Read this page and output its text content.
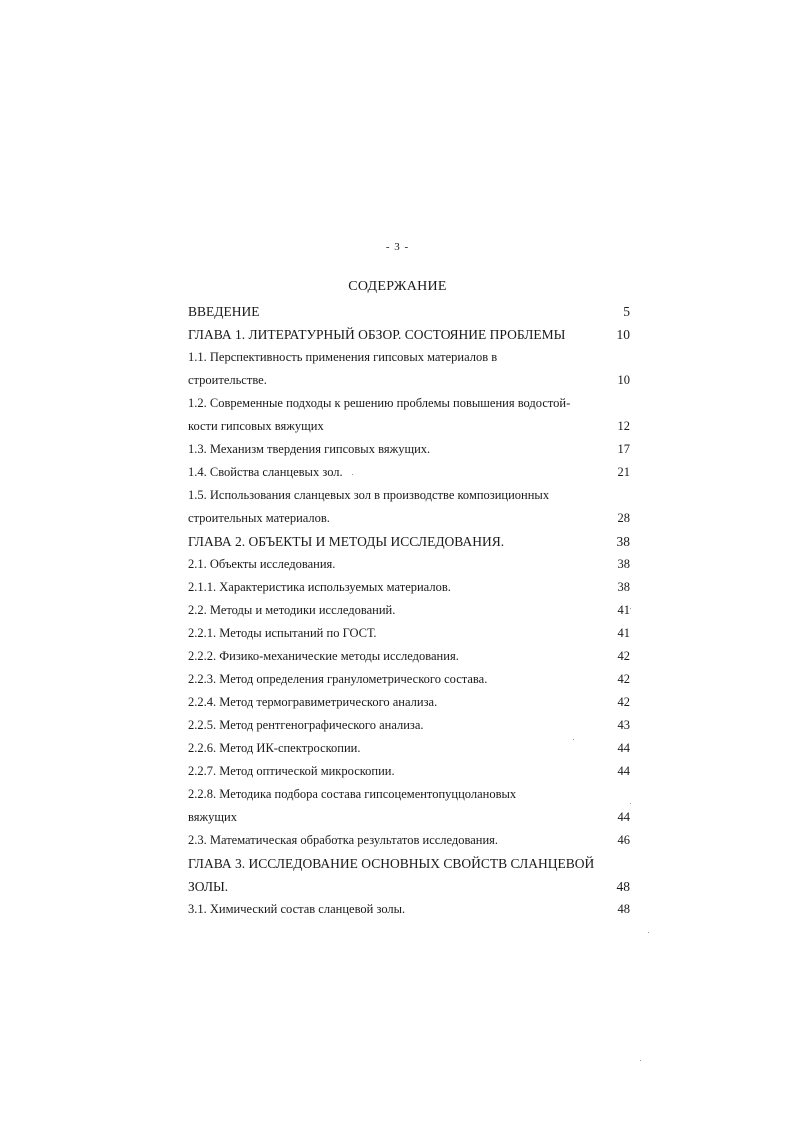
- 3 -
СОДЕРЖАНИЕ
ВВЕДЕНИЕ	5
ГЛАВА 1. ЛИТЕРАТУРНЫЙ ОБЗОР. СОСТОЯНИЕ ПРОБЛЕМЫ	10
1.1. Перспективность применения гипсовых материалов в
строительстве.	10
1.2. Современные подходы к решению проблемы повышения водостой-
кости гипсовых вяжущих	12
1.3. Механизм твердения гипсовых вяжущих.	17
1.4. Свойства сланцевых зол.	21
1.5. Использования сланцевых зол в производстве композиционных
строительных материалов.	28
ГЛАВА 2. ОБЪЕКТЫ И МЕТОДЫ ИССЛЕДОВАНИЯ.	38
2.1. Объекты исследования.	38
2.1.1. Характеристика используемых материалов.	38
2.2. Методы и методики исследований.	41
2.2.1. Методы испытаний по ГОСТ.	41
2.2.2. Физико-механические методы исследования.	42
2.2.3. Метод определения гранулометрического состава.	42
2.2.4. Метод термогравиметрического анализа.	42
2.2.5. Метод рентгенографического анализа.	43
2.2.6. Метод ИК-спектроскопии.	44
2.2.7. Метод оптической микроскопии.	44
2.2.8. Методика подбора состава гипсоцементопуццолановых
вяжущих	44
2.3. Математическая обработка результатов исследования.	46
ГЛАВА 3. ИССЛЕДОВАНИЕ ОСНОВНЫХ СВОЙСТВ СЛАНЦЕВОЙ
ЗОЛЫ.	48
3.1. Химический состав сланцевой золы.	48
